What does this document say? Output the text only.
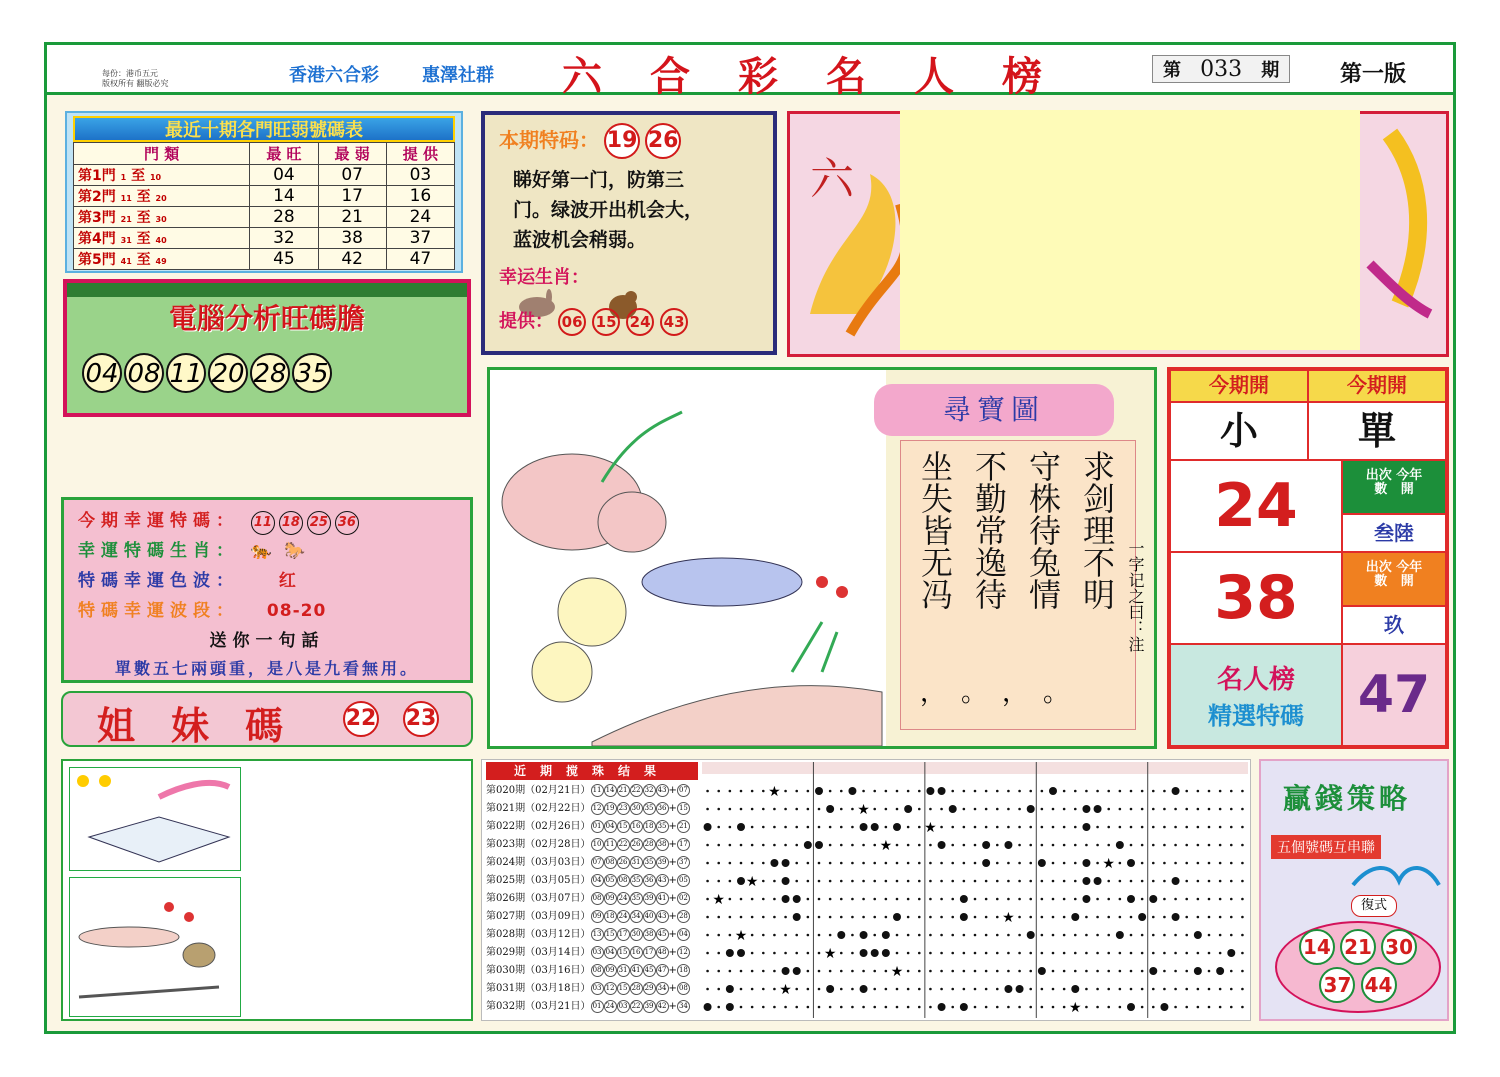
每份：港币五元
版权所有 翻版必究	香港六合彩 惠澤社群 六合彩名人榜	第 033 期	第一版
最近十期各門旺弱號碼表
門 類	最 旺	最 弱	提 供
第1門 1 至 10	04	07	03
第2門 11 至 20	14	17	16
第3門 21 至 30	28	21	24
第4門 31 至 40	32	38	37
第5門 41 至 49	45	42	47
電腦分析旺碼膽
04 08 11 20 28 35
本期特码： 19 26
睇好第一门，防第三
门。绿波开出机会大，
蓝波机会稍弱。
幸运生肖：
提供： 06 15 24 43
六
今期幸運特碼： 11 18 25 36
幸運特碼生肖： 🐅 🐎
特碼幸運色波： 红
特碼幸運波段： 08-20
送你一句話
單數五七兩頭重，是八是九看無用。
姐妹碼 22 23
尋寶圖
求剑理不明
守株待兔情
不勤常逸待
坐失皆无冯
，。，。
一字记之曰：注
今期開	今期開
小	單
24	出次 今年
數 開
叁陸
38	出次 今年
數 開
玖
名人榜
精選特碼	47
近期搅珠结果
第020期（02月21日） 11 14 21 22 32 43 + 07
第021期（02月22日） 12 19 23 30 35 36 + 15
第022期（02月26日） 01 04 15 16 18 35 + 21
第023期（02月28日） 10 11 22 26 28 38 + 17
第024期（03月03日） 07 08 26 31 35 39 + 37
第025期（03月05日） 04 05 08 35 36 43 + 05
第026期（03月07日） 08 09 24 35 39 41 + 02
第027期（03月09日） 09 18 24 34 40 43 + 28
第028期（03月12日） 13 15 17 30 38 45 + 04
第029期（03月14日） 03 04 15 16 17 48 + 12
第030期（03月16日） 08 09 31 41 45 47 + 18
第031期（03月18日） 03 12 15 28 29 34 + 08
第032期（03月21日） 01 24 03 22 39 42 + 34
★
★
★
★
★
★
★
★
★
★
★
★
★
贏錢策略
五個號碼互串聯
復式
14 21 30
37 44
